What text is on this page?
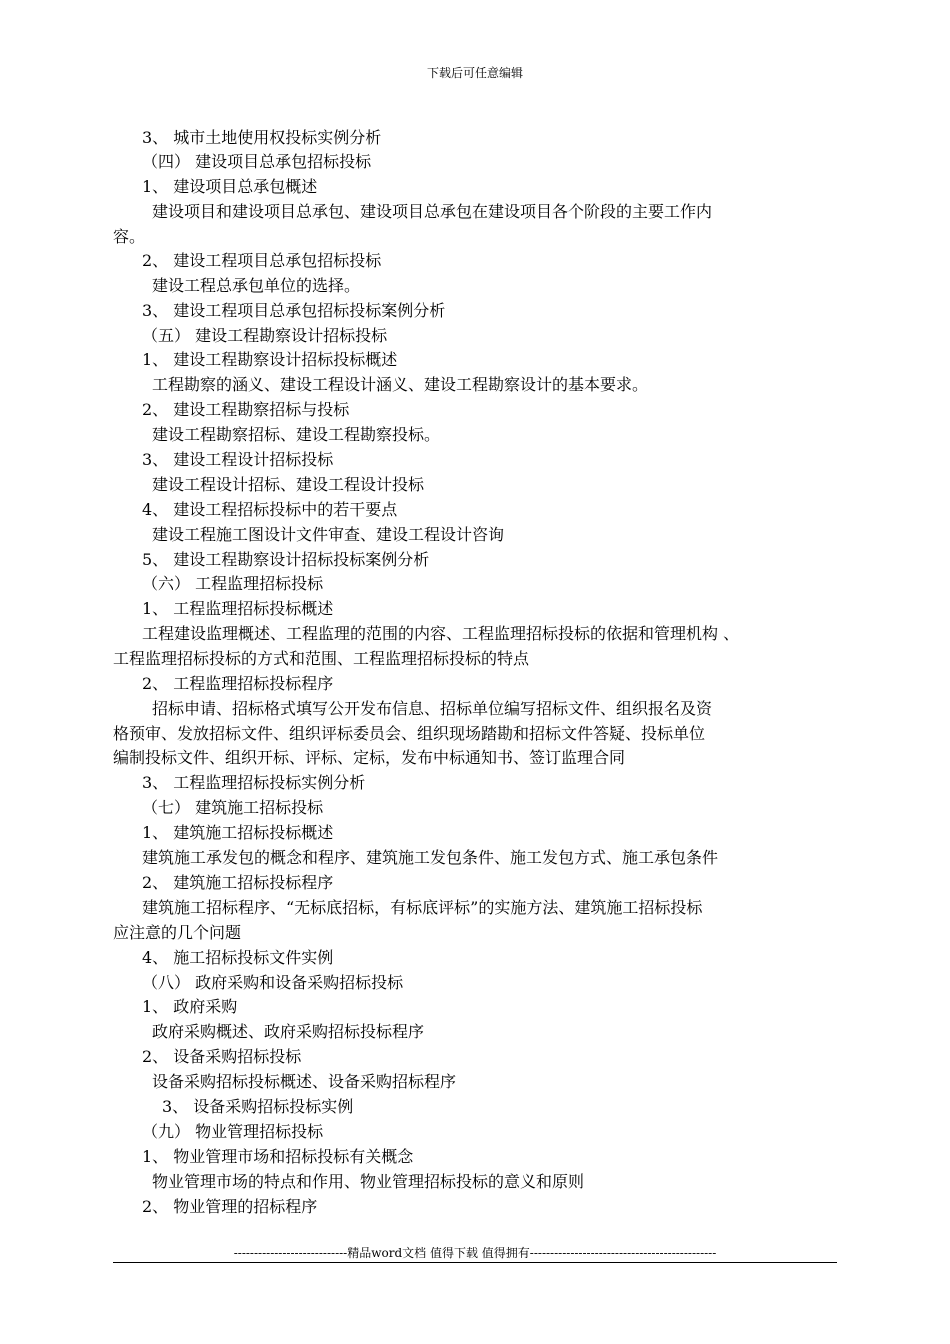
下载后可任意编辑
3、 城市土地使用权投标实例分析
（四） 建设项目总承包招标投标
1、 建设项目总承包概述
建设项目和建设项目总承包、建设项目总承包在建设项目各个阶段的主要工作内
容。
2、 建设工程项目总承包招标投标
建设工程总承包单位的选择。
3、 建设工程项目总承包招标投标案例分析
（五） 建设工程勘察设计招标投标
1、 建设工程勘察设计招标投标概述
工程勘察的涵义、建设工程设计涵义、建设工程勘察设计的基本要求。
2、 建设工程勘察招标与投标
建设工程勘察招标、建设工程勘察投标。
3、 建设工程设计招标投标
建设工程设计招标、建设工程设计投标
4、 建设工程招标投标中的若干要点
建设工程施工图设计文件审查、建设工程设计咨询
5、 建设工程勘察设计招标投标案例分析
（六） 工程监理招标投标
1、 工程监理招标投标概述
工程建设监理概述、工程监理的范围的内容、工程监理招标投标的依据和管理机构 、
工程监理招标投标的方式和范围、工程监理招标投标的特点
2、 工程监理招标投标程序
招标申请、招标格式填写公开发布信息、招标单位编写招标文件、组织报名及资
格预审、发放招标文件、组织评标委员会、组织现场踏勘和招标文件答疑、投标单位
编制投标文件、组织开标、评标、定标，发布中标通知书、签订监理合同
3、 工程监理招标投标实例分析
（七） 建筑施工招标投标
1、 建筑施工招标投标概述
建筑施工承发包的概念和程序、建筑施工发包条件、施工发包方式、施工承包条件
2、 建筑施工招标投标程序
建筑施工招标程序、“无标底招标，有标底评标”的实施方法、建筑施工招标投标
应注意的几个问题
4、 施工招标投标文件实例
（八） 政府采购和设备采购招标投标
1、 政府采购
政府采购概述、政府采购招标投标程序
2、 设备采购招标投标
设备采购招标投标概述、设备采购招标程序
3、 设备采购招标投标实例
（九） 物业管理招标投标
1、 物业管理市场和招标投标有关概念
物业管理市场的特点和作用、物业管理招标投标的意义和原则
2、 物业管理的招标程序
----------------------------精品word文档 值得下载 值得拥有----------------------------------------------
